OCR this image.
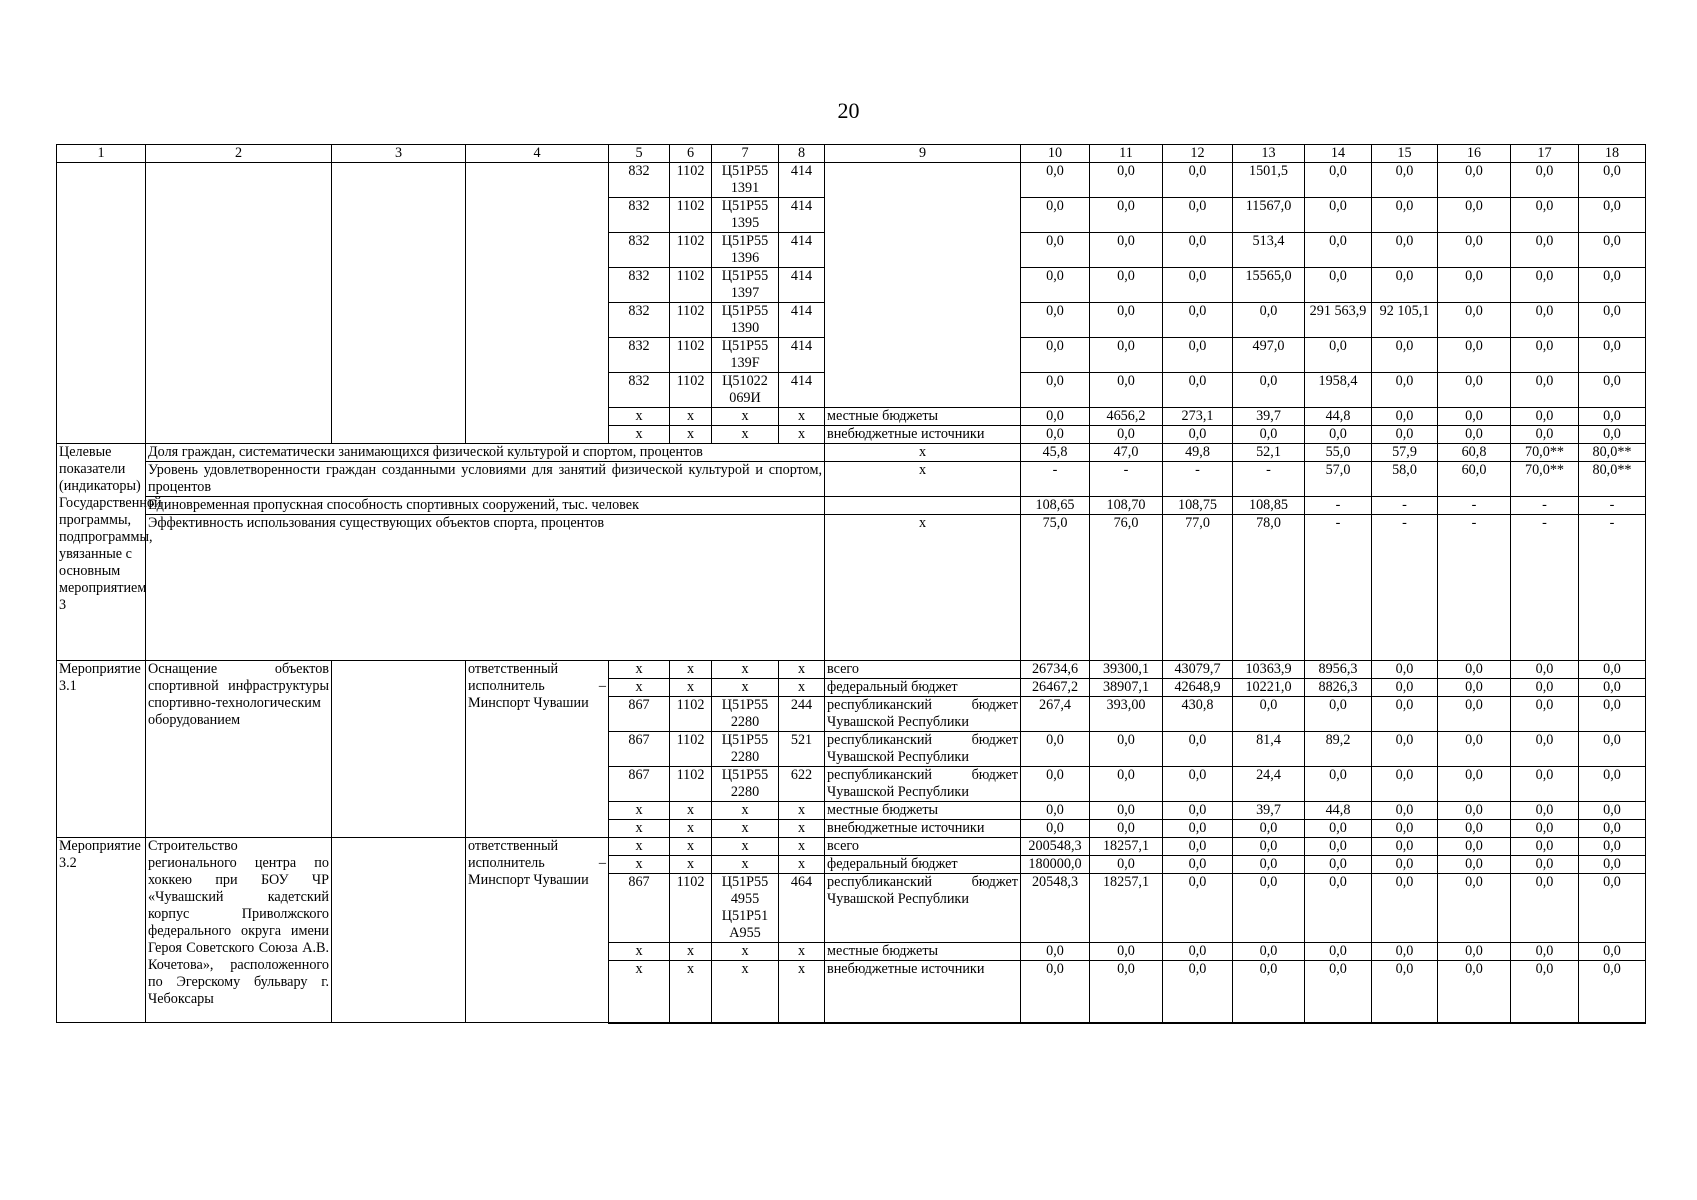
20
1	2	3	4	5	6	7	8	9	10	11	12	13	14	15	16	17	18
				832	1102	Ц51Р55 1391	414		0,0	0,0	0,0	1501,5	0,0	0,0	0,0	0,0	0,0
				832	1102	Ц51Р55 1395	414		0,0	0,0	0,0	11567,0	0,0	0,0	0,0	0,0	0,0
				832	1102	Ц51Р55 1396	414		0,0	0,0	0,0	513,4	0,0	0,0	0,0	0,0	0,0
				832	1102	Ц51Р55 1397	414		0,0	0,0	0,0	15565,0	0,0	0,0	0,0	0,0	0,0
				832	1102	Ц51Р55 1390	414		0,0	0,0	0,0	0,0	291 563,9	92 105,1	0,0	0,0	0,0
				832	1102	Ц51Р55 139F	414		0,0	0,0	0,0	497,0	0,0	0,0	0,0	0,0	0,0
				832	1102	Ц51022 069И	414		0,0	0,0	0,0	0,0	1958,4	0,0	0,0	0,0	0,0
				х	х	х	х	местные бюджеты	0,0	4656,2	273,1	39,7	44,8	0,0	0,0	0,0	0,0
				х	х	х	х	внебюджетные источники	0,0	0,0	0,0	0,0	0,0	0,0	0,0	0,0	0,0
Целевые показатели (индикаторы) Государственной программы, подпрограммы, увязанные с основным мероприятием 3	Доля граждан, систематически занимающихся физической культурой и спортом, процентов							х	45,8	47,0	49,8	52,1	55,0	57,9	60,8	70,0**	80,0**
	Уровень удовлетворенности граждан созданными условиями для занятий физической культурой и спортом, процентов							х	-	-	-	-	57,0	58,0	60,0	70,0**	80,0**
	Единовременная пропускная способность спортивных сооружений, тыс. человек								108,65	108,70	108,75	108,85	-	-	-	-	-
	Эффективность использования существующих объектов спорта, процентов							х	75,0	76,0	77,0	78,0	-	-	-	-	-
Мероприятие 3.1	Оснащение объектов спортивной инфраструктуры спортивно-технологическим оборудованием		ответственный исполнитель – Минспорт Чувашии	х	х	х	х	всего	26734,6	39300,1	43079,7	10363,9	8956,3	0,0	0,0	0,0	0,0
				х	х	х	х	федеральный бюджет	26467,2	38907,1	42648,9	10221,0	8826,3	0,0	0,0	0,0	0,0
				867	1102	Ц51Р55 2280	244	республиканский бюджет Чувашской Республики	267,4	393,00	430,8	0,0	0,0	0,0	0,0	0,0	0,0
				867	1102	Ц51Р55 2280	521	республиканский бюджет Чувашской Республики	0,0	0,0	0,0	81,4	89,2	0,0	0,0	0,0	0,0
				867	1102	Ц51Р55 2280	622	республиканский бюджет Чувашской Республики	0,0	0,0	0,0	24,4	0,0	0,0	0,0	0,0	0,0
				х	х	х	х	местные бюджеты	0,0	0,0	0,0	39,7	44,8	0,0	0,0	0,0	0,0
				х	х	х	х	внебюджетные источники	0,0	0,0	0,0	0,0	0,0	0,0	0,0	0,0	0,0
Мероприятие 3.2	Строительство регионального центра по хоккею при БОУ ЧР «Чувашский кадетский корпус Приволжского федерального округа имени Героя Советского Союза А.В. Кочетова», расположенного по Эгерскому бульвару г. Чебоксары		ответственный исполнитель – Минспорт Чувашии	х	х	х	х	всего	200548,3	18257,1	0,0	0,0	0,0	0,0	0,0	0,0	0,0
				х	х	х	х	федеральный бюджет	180000,0	0,0	0,0	0,0	0,0	0,0	0,0	0,0	0,0
				867	1102	Ц51Р55 4955 Ц51Р51 А955	464	республиканский бюджет Чувашской Республики	20548,3	18257,1	0,0	0,0	0,0	0,0	0,0	0,0	0,0
				х	х	х	х	местные бюджеты	0,0	0,0	0,0	0,0	0,0	0,0	0,0	0,0	0,0
				х	х	х	х	внебюджетные источники	0,0	0,0	0,0	0,0	0,0	0,0	0,0	0,0	0,0
